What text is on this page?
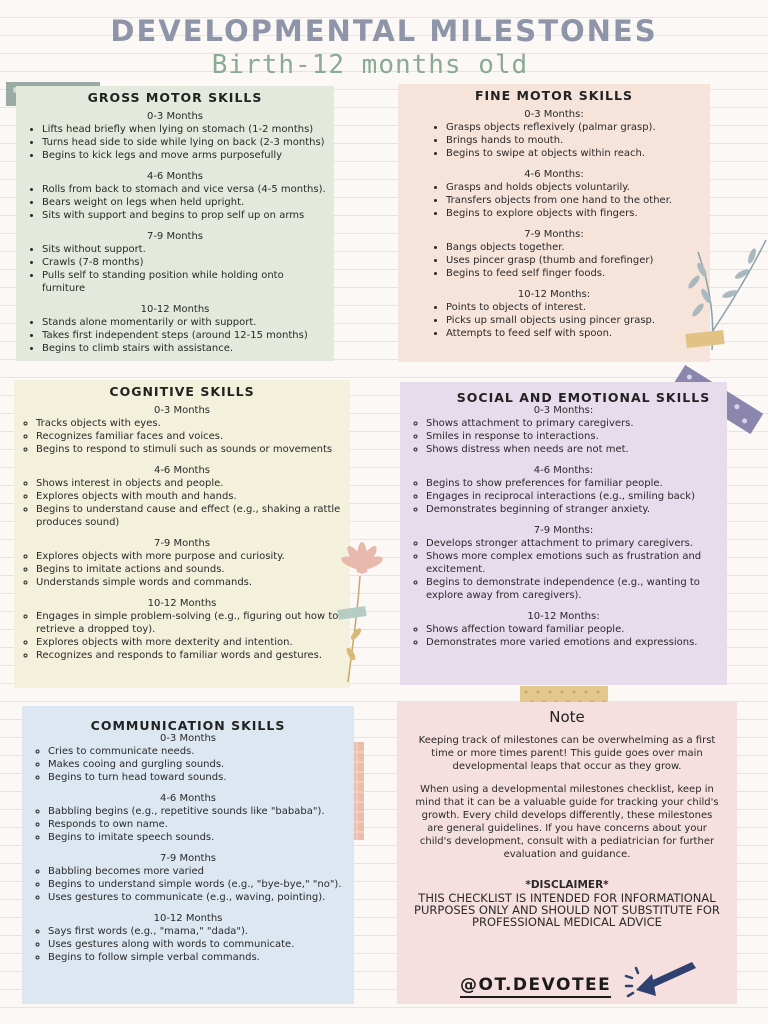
DEVELOPMENTAL MILESTONES
Birth-12 months old
GROSS MOTOR SKILLS
0-3 Months
• Lifts head briefly when lying on stomach (1-2 months)
• Turns head side to side while lying on back (2-3 months)
• Begins to kick legs and move arms purposefully
4-6 Months
• Rolls from back to stomach and vice versa (4-5 months).
• Bears weight on legs when held upright.
• Sits with support and begins to prop self up on arms
7-9 Months
• Sits without support.
• Crawls (7-8 months)
• Pulls self to standing position while holding onto furniture
10-12 Months
• Stands alone momentarily or with support.
• Takes first independent steps (around 12-15 months)
• Begins to climb stairs with assistance.
FINE MOTOR SKILLS
0-3 Months:
• Grasps objects reflexively (palmar grasp).
• Brings hands to mouth.
• Begins to swipe at objects within reach.
4-6 Months:
• Grasps and holds objects voluntarily.
• Transfers objects from one hand to the other.
• Begins to explore objects with fingers.
7-9 Months:
• Bangs objects together.
• Uses pincer grasp (thumb and forefinger)
• Begins to feed self finger foods.
10-12 Months:
• Points to objects of interest.
• Picks up small objects using pincer grasp.
• Attempts to feed self with spoon.
COGNITIVE SKILLS
0-3 Months
◦ Tracks objects with eyes.
◦ Recognizes familiar faces and voices.
◦ Begins to respond to stimuli such as sounds or movements
4-6 Months
◦ Shows interest in objects and people.
◦ Explores objects with mouth and hands.
◦ Begins to understand cause and effect (e.g., shaking a rattle produces sound)
7-9 Months
◦ Explores objects with more purpose and curiosity.
◦ Begins to imitate actions and sounds.
◦ Understands simple words and commands.
10-12 Months
◦ Engages in simple problem-solving (e.g., figuring out how to retrieve a dropped toy).
◦ Explores objects with more dexterity and intention.
◦ Recognizes and responds to familiar words and gestures.
SOCIAL AND EMOTIONAL SKILLS
0-3 Months:
◦ Shows attachment to primary caregivers.
◦ Smiles in response to interactions.
◦ Shows distress when needs are not met.
4-6 Months:
◦ Begins to show preferences for familiar people.
◦ Engages in reciprocal interactions (e.g., smiling back)
◦ Demonstrates beginning of stranger anxiety.
7-9 Months:
◦ Develops stronger attachment to primary caregivers.
◦ Shows more complex emotions such as frustration and excitement.
◦ Begins to demonstrate independence (e.g., wanting to explore away from caregivers).
10-12 Months:
◦ Shows affection toward familiar people.
◦ Demonstrates more varied emotions and expressions.
COMMUNICATION SKILLS
0-3 Months
◦ Cries to communicate needs.
◦ Makes cooing and gurgling sounds.
◦ Begins to turn head toward sounds.
4-6 Months
◦ Babbling begins (e.g., repetitive sounds like "bababa").
◦ Responds to own name.
◦ Begins to imitate speech sounds.
7-9 Months
◦ Babbling becomes more varied
◦ Begins to understand simple words (e.g., "bye-bye," "no").
◦ Uses gestures to communicate (e.g., waving, pointing).
10-12 Months
◦ Says first words (e.g., "mama," "dada").
◦ Uses gestures along with words to communicate.
◦ Begins to follow simple verbal commands.
Note

Keeping track of milestones can be overwhelming as a first time or more times parent! This guide goes over main developmental leaps that occur as they grow.

When using a developmental milestones checklist, keep in mind that it can be a valuable guide for tracking your child's growth. Every child develops differently, these milestones are general guidelines. If you have concerns about your child's development, consult with a pediatrician for further evaluation and guidance.

*DISCLAIMER*
THIS CHECKLIST IS INTENDED FOR INFORMATIONAL PURPOSES ONLY AND SHOULD NOT SUBSTITUTE FOR PROFESSIONAL MEDICAL ADVICE
@OT.DEVOTEE
